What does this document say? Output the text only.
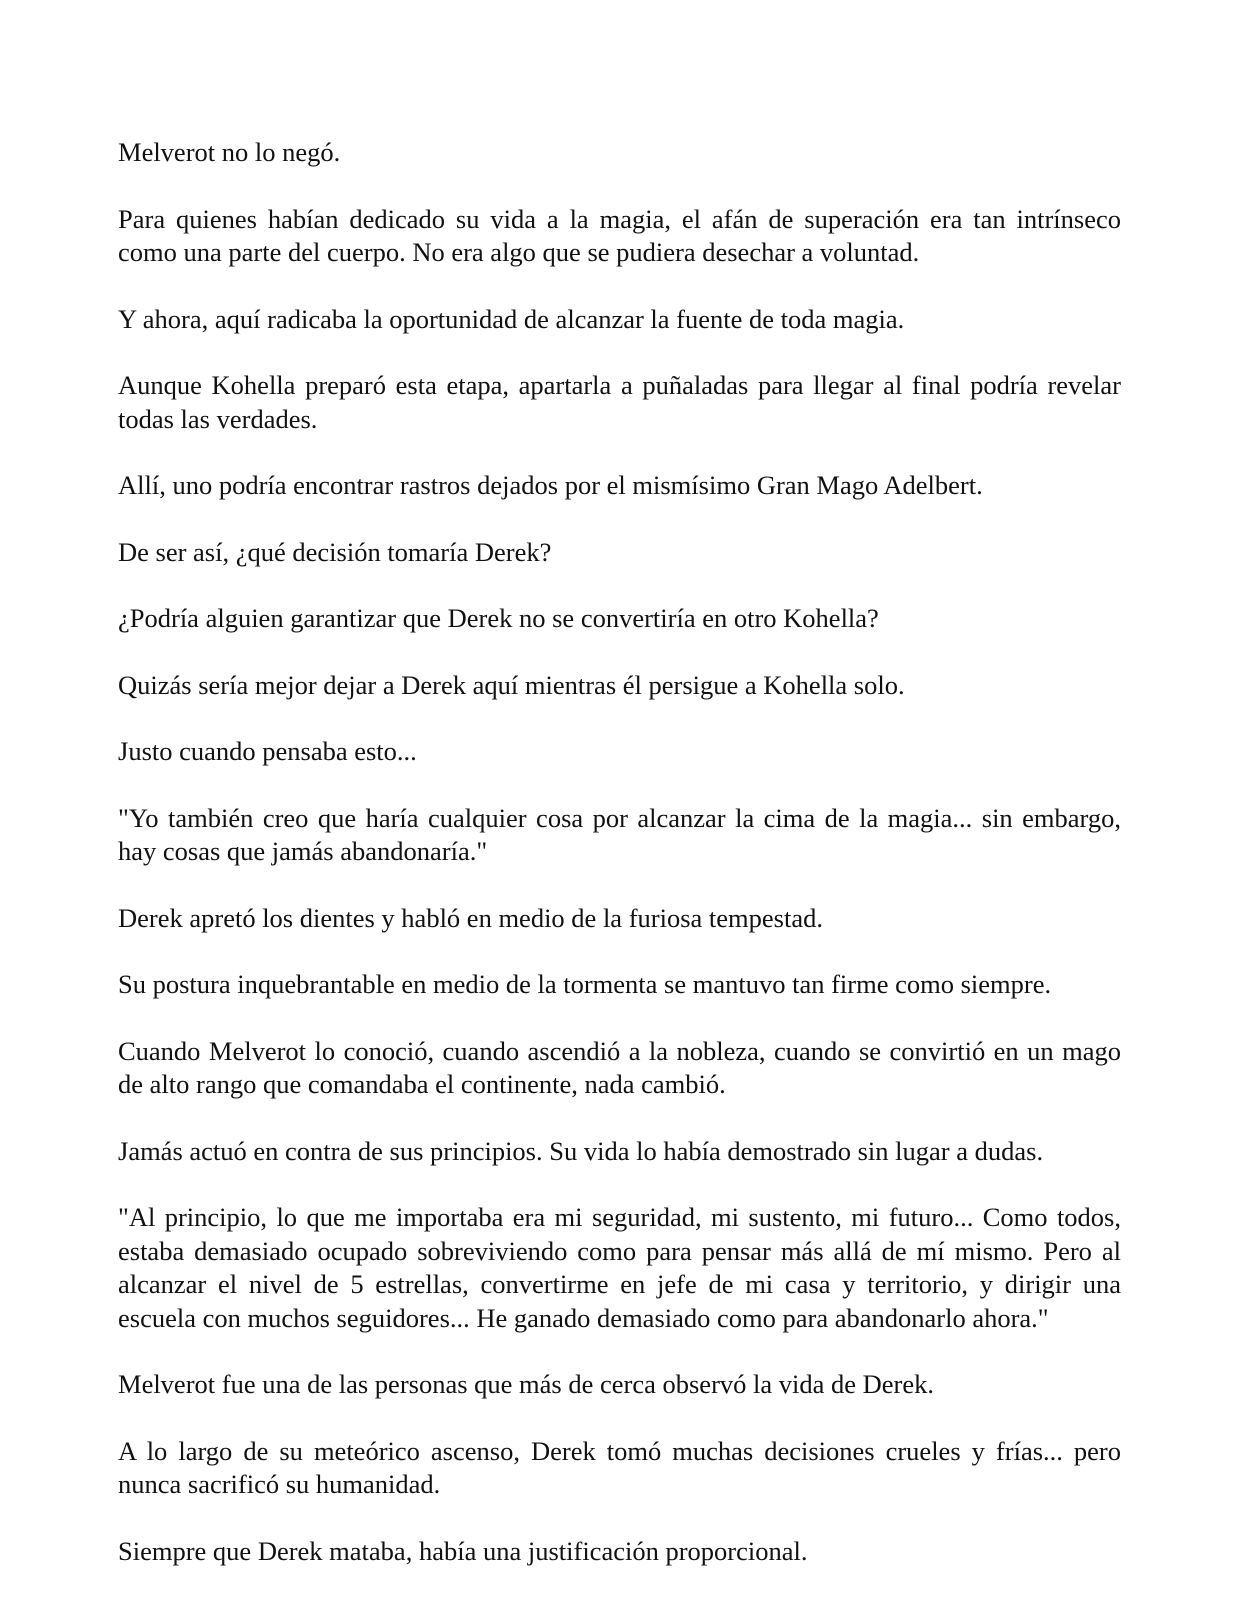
Melverot no lo negó.

Para quienes habían dedicado su vida a la magia, el afán de superación era tan intrínseco como una parte del cuerpo. No era algo que se pudiera desechar a voluntad.

Y ahora, aquí radicaba la oportunidad de alcanzar la fuente de toda magia.

Aunque Kohella preparó esta etapa, apartarla a puñaladas para llegar al final podría revelar todas las verdades.

Allí, uno podría encontrar rastros dejados por el mismísimo Gran Mago Adelbert.

De ser así, ¿qué decisión tomaría Derek?

¿Podría alguien garantizar que Derek no se convertiría en otro Kohella?

Quizás sería mejor dejar a Derek aquí mientras él persigue a Kohella solo.

Justo cuando pensaba esto...

"Yo también creo que haría cualquier cosa por alcanzar la cima de la magia... sin embargo, hay cosas que jamás abandonaría."

Derek apretó los dientes y habló en medio de la furiosa tempestad.

Su postura inquebrantable en medio de la tormenta se mantuvo tan firme como siempre.

Cuando Melverot lo conoció, cuando ascendió a la nobleza, cuando se convirtió en un mago de alto rango que comandaba el continente, nada cambió.

Jamás actuó en contra de sus principios. Su vida lo había demostrado sin lugar a dudas.

"Al principio, lo que me importaba era mi seguridad, mi sustento, mi futuro... Como todos, estaba demasiado ocupado sobreviviendo como para pensar más allá de mí mismo. Pero al alcanzar el nivel de 5 estrellas, convertirme en jefe de mi casa y territorio, y dirigir una escuela con muchos seguidores... He ganado demasiado como para abandonarlo ahora."

Melverot fue una de las personas que más de cerca observó la vida de Derek.

A lo largo de su meteórico ascenso, Derek tomó muchas decisiones crueles y frías... pero nunca sacrificó su humanidad.

Siempre que Derek mataba, había una justificación proporcional.
